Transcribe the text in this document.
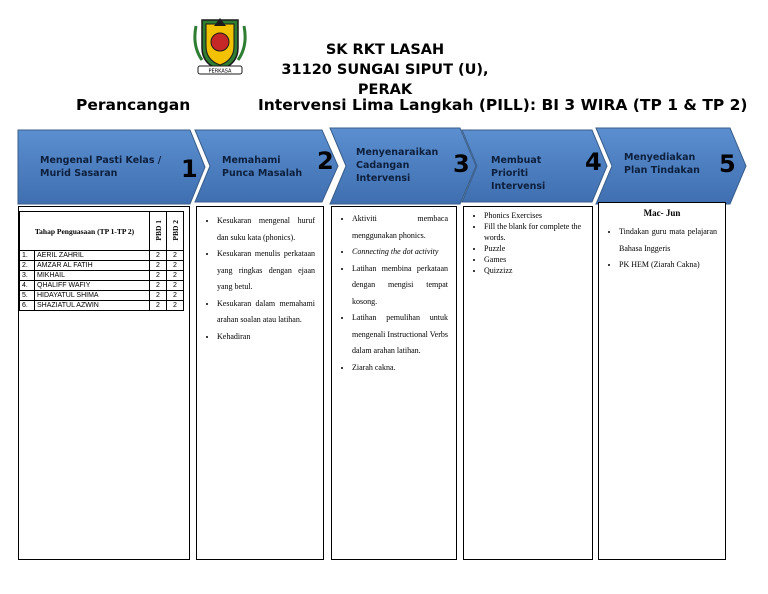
PERKASA
SK RKT LASAH
31120 SUNGAI SIPUT (U), PERAK
Perancangan	Intervensi Lima Langkah (PILL): BI 3 WIRA (TP 1 & TP 2)
Mengenal Pasti Kelas / Murid Sasaran	1	Memahami Punca Masalah 2 Menyenaraikan Cadangan Intervensi
3 Membuat Prioriti Intervensi
4 Menyediakan Plan Tindakan 5
Tahap Penguasaan (TP 1-TP 2)		PBD 1	PBD 2
1.	AERIL ZAHRIL	2	2
2.	AMZAR AL FATIH	2	2
3.	MIKHAIL	2	2
4.	QHALIFF WAFIY	2	2
5.	HIDAYATUL SHIMA	2	2
6.	SHAZIATUL AZWIN	2	2
• Kesukaran mengenal huruf dan suku kata (phonics).
• Kesukaran menulis perkataan yang ringkas dengan ejaan yang betul.
• Kesukaran dalam memahami arahan soalan atau latihan.
• Kehadiran
• Aktiviti membaca menggunakan phonics.
• Connecting the dot activity
• Latihan membina perkataan dengan mengisi tempat kosong.
• Latihan pemulihan untuk mengenali Instructional Verbs dalam arahan latihan.
• Ziarah cakna.
• Phonics Exercises
• Fill the blank for complete the words.
• Puzzle
• Games
• Quizzizz
Mac- Jun
• Tindakan guru mata pelajaran Bahasa Inggeris
• PK HEM (Ziarah Cakna)
